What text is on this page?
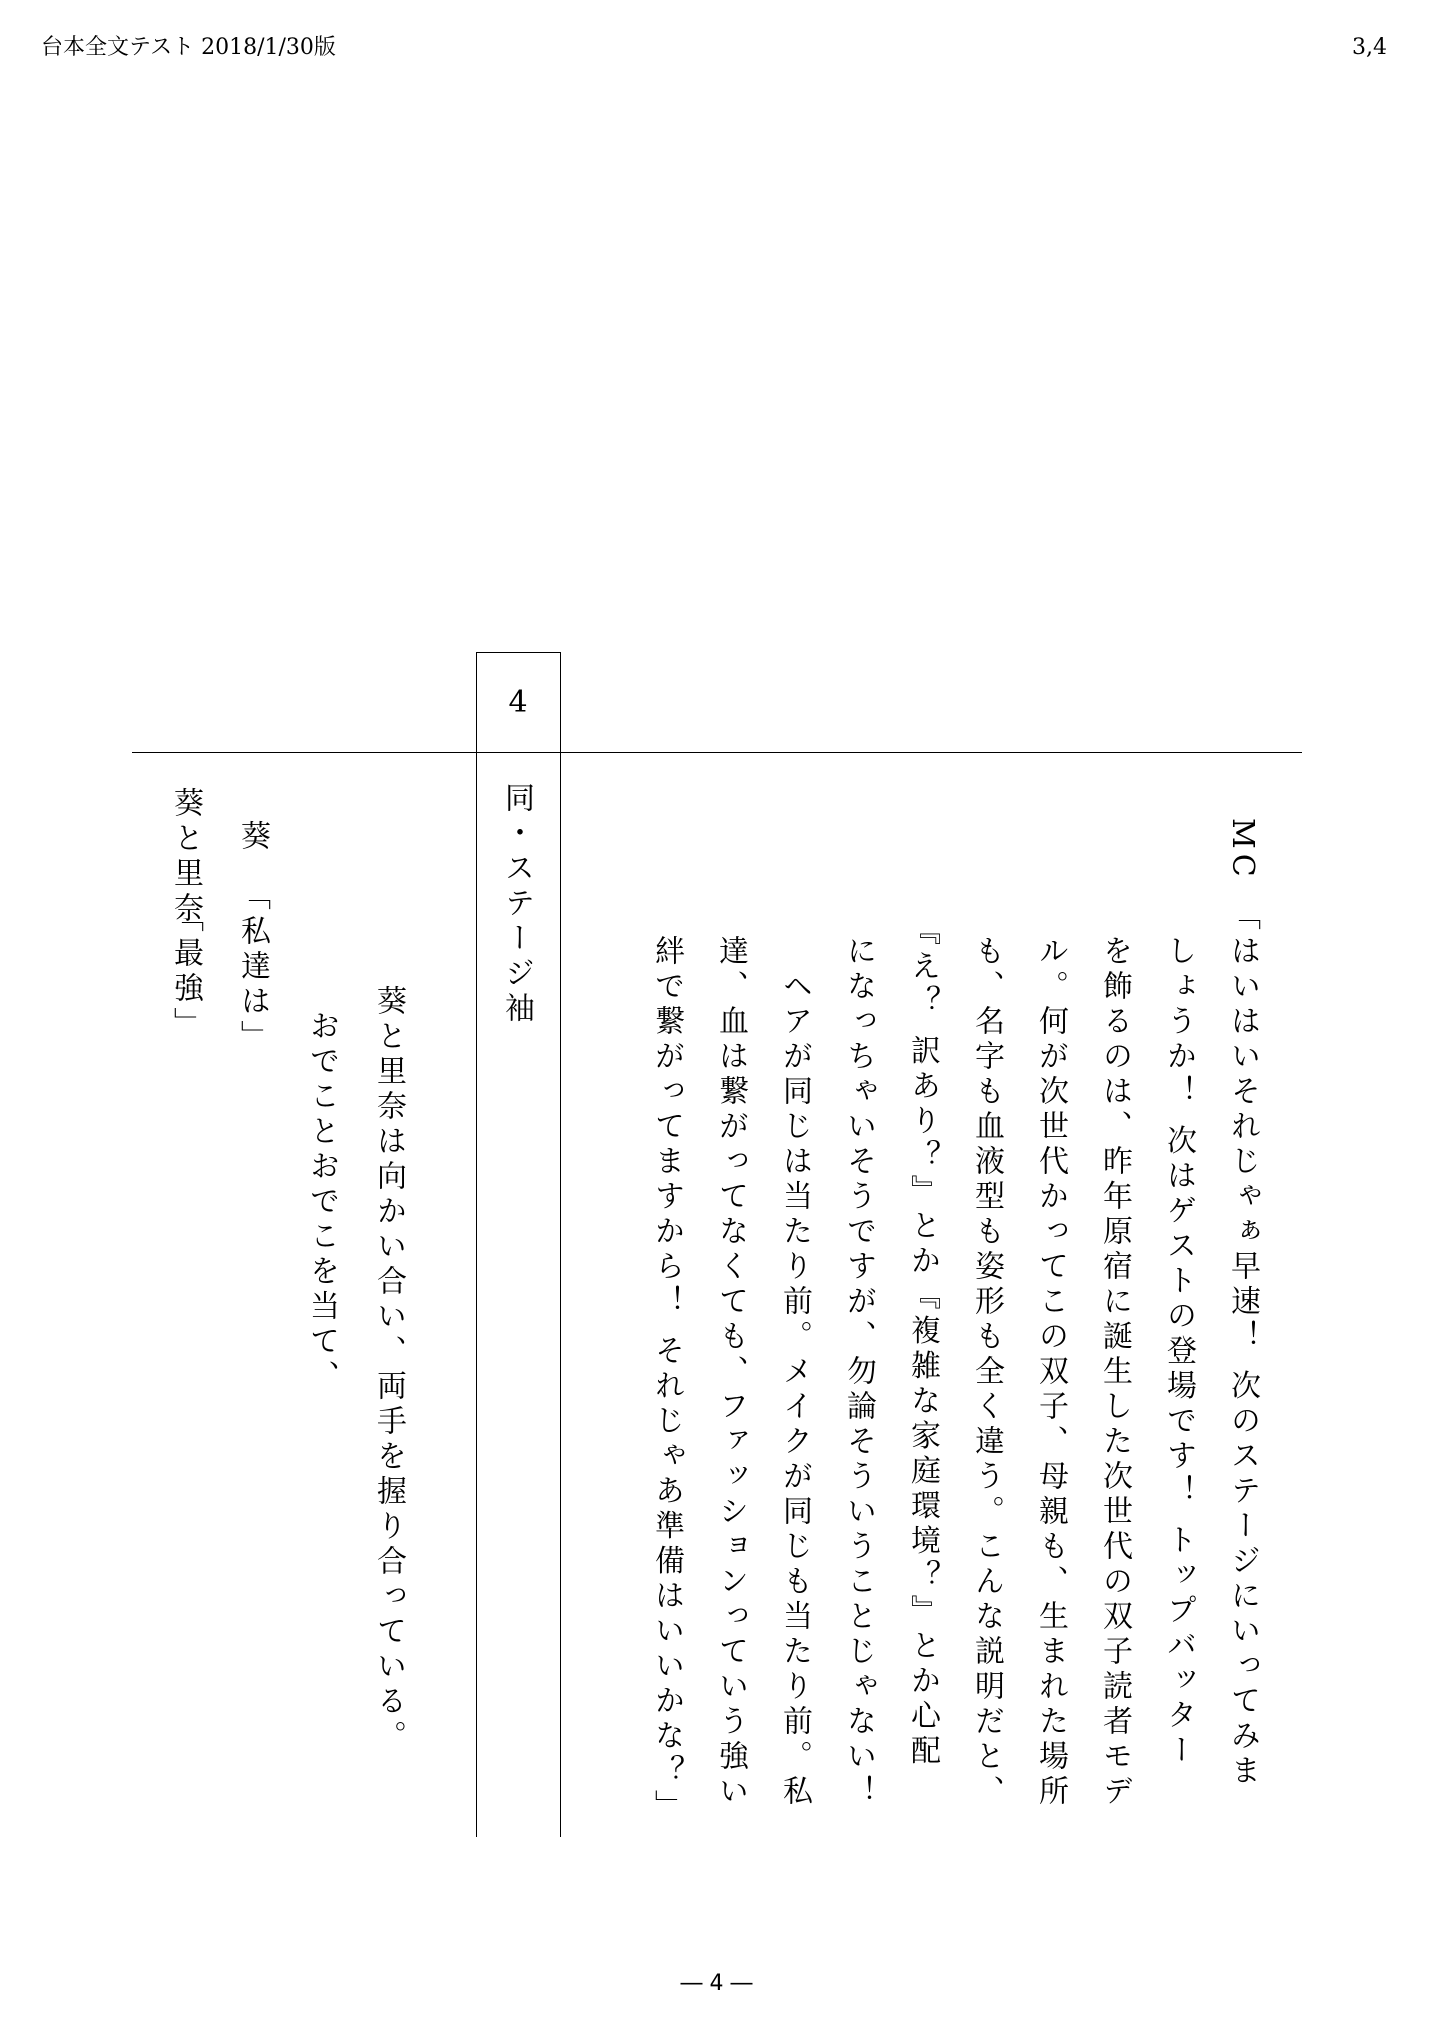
台本全文テスト 2018/1/30版	3,4
4
MC
「はいはいそれじゃぁ早速！ 次のステージにいってみま
しょうか！ 次はゲストの登場です！ トップバッター
を飾るのは、昨年原宿に誕生した次世代の双子読者モデ
ル。何が次世代かってこの双子、母親も、生まれた場所
も、名字も血液型も姿形も全く違う。こんな説明だと、
『え？ 訳あり？』とか『複雑な家庭環境？』とか心配
になっちゃいそうですが、勿論そういうことじゃない！
ヘアが同じは当たり前。メイクが同じも当たり前。私
達、血は繋がってなくても、ファッションっていう強い
絆で繋がってますから！ それじゃあ準備はいいかな？」
同・ステージ袖
葵と里奈は向かい合い、両手を握り合っている。
おでことおでこを当て、
葵
「私達は」
葵と里奈
「最強」
― 4 ―
